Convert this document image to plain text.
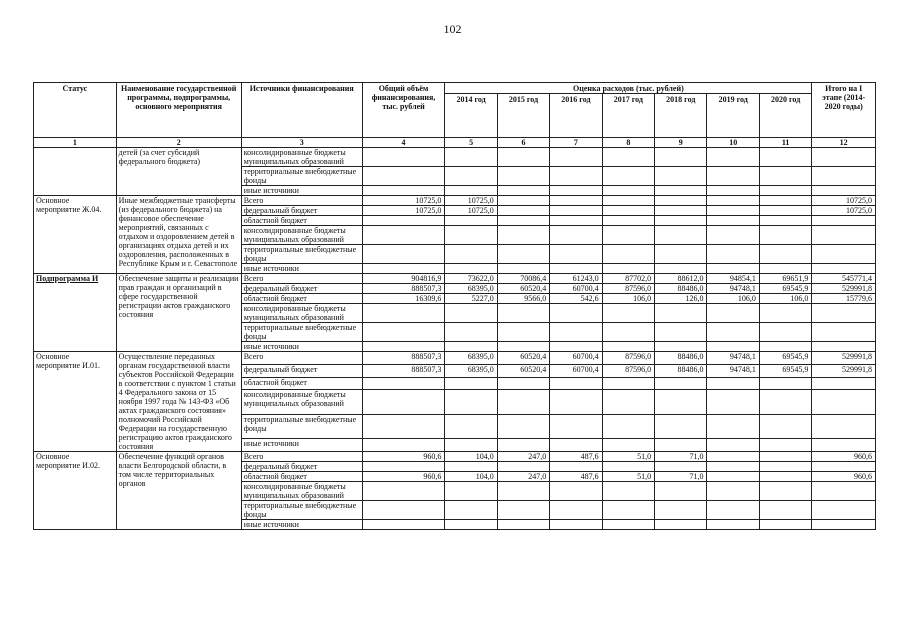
102
Статус	Наименование государственной программы, подпрограммы, основного мероприятия	Источники финансирования	Общий объём финансирования, тыс. рублей	Оценка расходов (тыс. рублей)							Итого на I этапе (2014-2020 годы)
				2014 год	2015 год	2016 год	2017 год	2018 год	2019 год	2020 год	
1	2	3	4	5	6	7	8	9	10	11	12
	детей (за счет субсидий федерального бюджета)	консолидированные бюджеты муниципальных образований									
		территориальные внебюджетные фонды									
		иные источники									
Основное мероприятие Ж.04.	Иные межбюджетные трансферты (из федерального бюджета) на финансовое обеспечение мероприятий, связанных с отдыхом и оздоровлением детей в организациях отдыха детей и их оздоровления, расположенных в Республике Крым и г. Севастополе	Всего	10725,0	10725,0							10725,0
		федеральный бюджет	10725,0	10725,0							10725,0
		областной бюджет									
		консолидированные бюджеты муниципальных образований									
		территориальные внебюджетные фонды									
		иные источники									
Подпрограмма И	Обеспечение защиты и реализации прав граждан и организаций в сфере государственной регистрации актов гражданского состояния	Всего	904816,9	73622,0	70086,4	61243,0	87702,0	88612,0	94854,1	69651,9	545771,4
		федеральный бюджет	888507,3	68395,0	60520,4	60700,4	87596,0	88486,0	94748,1	69545,9	529991,8
		областной бюджет	16309,6	5227,0	9566,0	542,6	106,0	126,0	106,0	106,0	15779,6
		консолидированные бюджеты муниципальных образований									
		территориальные внебюджетные фонды									
		иные источники									
Основное мероприятие И.01.	Осуществление переданных органам государственной власти субъектов Российской Федерации в соответствии с пунктом 1 статьи 4 Федерального закона от 15 ноября 1997 года № 143-ФЗ «Об актах гражданского состояния» полномочий Российской Федерации на государственную регистрацию актов гражданского состояния	Всего	888507,3	68395,0	60520,4	60700,4	87596,0	88486,0	94748,1	69545,9	529991,8
		федеральный бюджет	888507,3	68395,0	60520,4	60700,4	87596,0	88486,0	94748,1	69545,9	529991,8
		областной бюджет									
		консолидированные бюджеты муниципальных образований									
		территориальные внебюджетные фонды									
		иные источники									
Основное мероприятие И.02.	Обеспечение функций органов власти Белгородской области, в том числе территориальных органов	Всего	960,6	104,0	247,0	487,6	51,0	71,0			960,6
		федеральный бюджет									
		областной бюджет	960,6	104,0	247,0	487,6	51,0	71,0			960,6
		консолидированные бюджеты муниципальных образований									
		территориальные внебюджетные фонды									
		иные источники									
